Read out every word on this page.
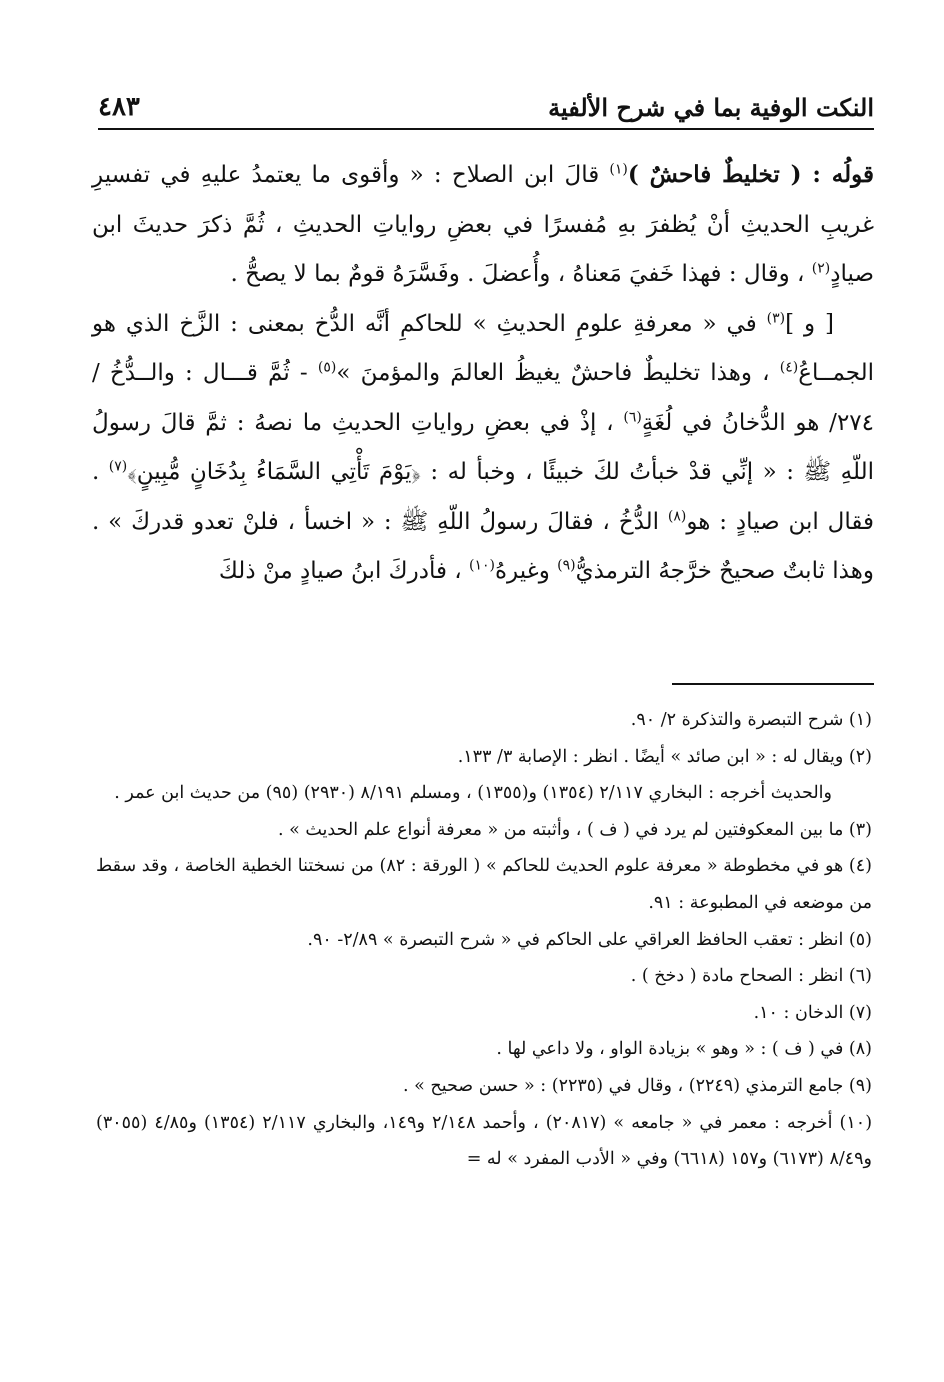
النكت الوفية بما في شرح الألفية
٤٨٣

قولُه : ( تخليطٌ فاحشٌ )$^{(١)}$ قالَ ابن الصلاح : « وأقوى ما يعتمدُ عليهِ في تفسيرِ غريبِ الحديثِ أنْ يُظفرَ بهِ مُفسرًا في بعضِ رواياتِ الحديثِ ، ثُمَّ ذكرَ حديثَ ابن صيادٍ$^{(٢)}$ ، وقال : فهذا خَفيَ مَعناهُ ، وأُعضلَ . وفَسَّرَهُ قومٌ بما لا يصحُّ .

[ و ]$^{(٣)}$ في « معرفةِ علومِ الحديثِ » للحاكمِ أنَّه الدُّخ بمعنى : الزَّخ الذي هو الجمــاعُ$^{(٤)}$ ، وهذا تخليطٌ فاحشٌ يغيظُ العالمَ والمؤمنَ »$^{(٥)}$ - ثُمَّ قـــال : والــدُّخُ /٢٧٤/ هو الدُّخانُ في لُغَةٍ$^{(٦)}$ ، إذْ في بعضِ رواياتِ الحديثِ ما نصهُ : ثمَّ قالَ رسولُ اللّهِ ﷺ : « إنِّي قدْ خبأتُ لكَ خبيئًا ، وخبأ له : ﴿يَوْمَ تَأْتِي السَّمَاءُ بِدُخَانٍ مُّبِينٍ﴾$^{(٧)}$ . فقال ابن صيادٍ : هو$^{(٨)}$ الدُّخُ ، فقالَ رسولُ اللّهِ ﷺ : « اخسأ ، فلنْ تعدو قدركَ » . وهذا ثابتٌ صحيحٌ خرَّجهُ الترمذيُّ$^{(٩)}$ وغيرهُ$^{(١٠)}$ ، فأدركَ ابنُ صيادٍ منْ ذلكَ

(١) شرح التبصرة والتذكرة ٢/ ٩٠.

(٢) ويقال له : « ابن صائد » أيضًا . انظر : الإصابة ٣/ ١٣٣.

والحديث أخرجه : البخاري ٢/١١٧ (١٣٥٤) و(١٣٥٥) ، ومسلم ٨/١٩١ (٢٩٣٠) (٩٥) من حديث ابن عمر .

(٣) ما بين المعكوفتين لم يرد في ( ف ) ، وأثبته من « معرفة أنواع علم الحديث » .

(٤) هو في مخطوطة « معرفة علوم الحديث للحاكم » ( الورقة : ٨٢) من نسختنا الخطية الخاصة ، وقد سقط من موضعه في المطبوعة : ٩١.

(٥) انظر : تعقب الحافظ العراقي على الحاكم في « شرح التبصرة » ٢/٨٩- ٩٠.

(٦) انظر : الصحاح مادة ( دخخ ) .

(٧) الدخان : ١٠.

(٨) في ( ف ) : « وهو » بزيادة الواو ، ولا داعي لها .

(٩) جامع الترمذي (٢٢٤٩) ، وقال في (٢٢٣٥) : « حسن صحيح » .

(١٠) أخرجه : معمر في « جامعه » (٢٠٨١٧) ، وأحمد ٢/١٤٨ و١٤٩، والبخاري ٢/١١٧ (١٣٥٤) و٤/٨٥ (٣٠٥٥) و٨/٤٩ (٦١٧٣) و١٥٧ (٦٦١٨) وفي « الأدب المفرد » له =
